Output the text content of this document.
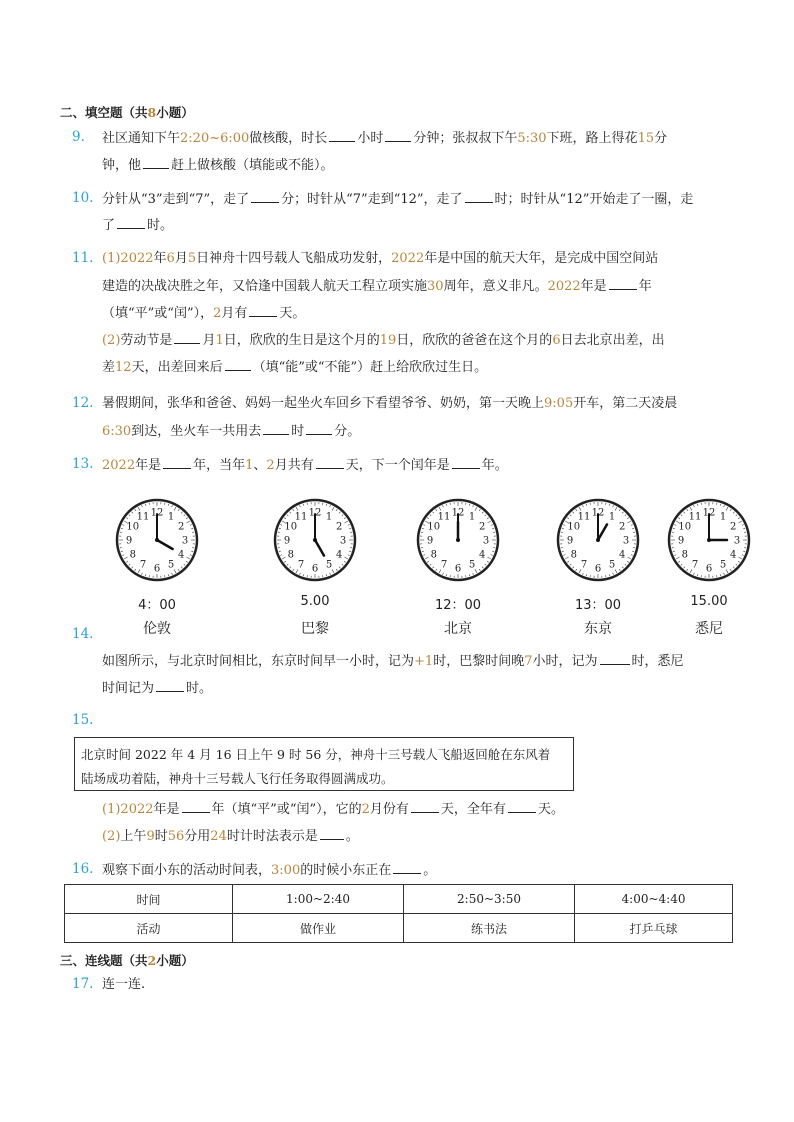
二、填空题（共8小题）
9. 社区通知下午2:20~6:00做核酸，时长 小时 分钟；张叔叔下午5:30下班，路上得花15分
钟，他 赶上做核酸（填能或不能）。
10. 分针从“3”走到“7”，走了 分；时针从“7”走到“12”，走了 时；时针从“12”开始走了一圈，走
了 时。
11. (1)2022年6月5日神舟十四号载人飞船成功发射，2022年是中国的航天大年，是完成中国空间站
建造的决战决胜之年，又恰逢中国载人航天工程立项实施30周年，意义非凡。2022年是 年
（填“平”或“闰”），2月有 天。
(2)劳动节是 月1日，欣欣的生日是这个月的19日，欣欣的爸爸在这个月的6日去北京出差，出
差12天，出差回来后 （填“能”或“不能”）赶上给欣欣过生日。
12. 暑假期间，张华和爸爸、妈妈一起坐火车回乡下看望爷爷、奶奶，第一天晚上9:05开车，第二天凌晨
6:30到达，坐火车一共用去 时 分。
13. 2022年是 年，当年1、2月共有 天，下一个闰年是 年。
1
2
3
4
5
6
7
8
9
10
11 12
4：00
伦敦
1
2
3
4
5
6
7
8
9
10
11 12
5.00
巴黎
1
2
3
4
5
6
7
8
9
10
11 12
12：00
北京
1
2
3
4
5
6
7
8
9
10
11 12
13：00
东京
1
2
3
4
5
6
7
8
9
10
11 12
15.00
悉尼
14.
如图所示，与北京时间相比，东京时间早一小时，记为+1时，巴黎时间晚7小时，记为	时，悉尼
时间记为 时。
15.
北京时间 2022 年 4 月 16 日上午 9 时 56 分，神舟十三号载人飞船返回舱在东风着
陆场成功着陆，神舟十三号载人飞行任务取得圆满成功。
(1)2022年是 年（填“平”或“闰”），它的2月份有 天，全年有 天。
(2)上午9时56分用24时计时法表示是 。
16. 观察下面小东的活动时间表，3:00的时候小东正在 。
时间	1:00~2:40	2:50~3:50	4:00~4:40
活动	做作业	练书法	打乒乓球
三、连线题（共2小题）
17. 连一连.
